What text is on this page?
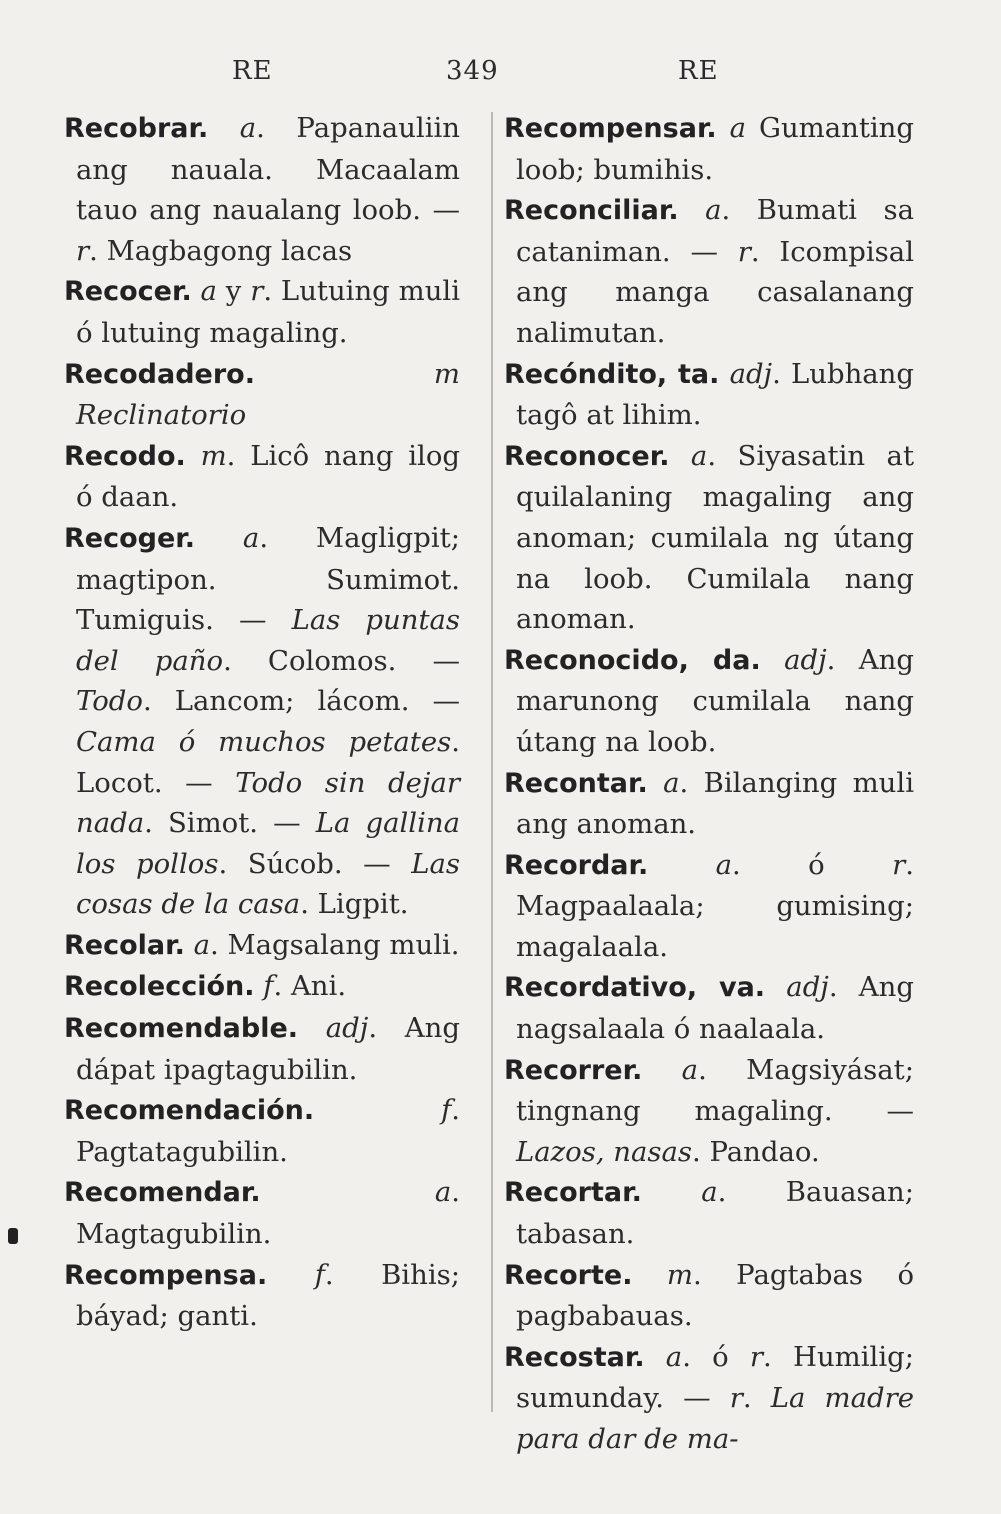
RE	349	RE

Recobrar. a. Papanauliin ang nauala. Macaalam tauo ang naualang loob. — r. Magbagong lacas

Recocer. a y r. Lutuing muli ó lutuing magaling.

Recodadero.	m Reclinatorio

Recodo. m. Licô nang ilog ó daan.

Recoger. a. Magligpit; magtipon. Sumimot. Tumiguis. — Las puntas del paño. Colomos. — Todo. Lancom; lácom. — Cama ó muchos petates. Locot. — Todo sin dejar nada. Simot. — La gallina los pollos. Súcob. — Las cosas de la casa. Ligpit.

Recolar. a. Magsalang muli.

Recolección. f. Ani.

Recomendable. adj. Ang dápat ipagtagubilin.

Recomendación.	f. Pagtatagubilin.

Recomendar.	a. Magtagubilin.

Recompensa. f. Bihis; báyad; ganti.

Recompensar. a Gumanting loob; bumihis.

Reconciliar. a. Bumati sa cataniman. — r. Icompisal ang manga casalanang nalimutan.

Recóndito, ta. adj. Lubhang tagô at lihim.

Reconocer. a. Siyasatin at quilalaning magaling ang anoman; cumilala ng útang na loob. Cumilala nang anoman.

Reconocido, da. adj. Ang marunong cumilala nang útang na loob.

Recontar. a. Bilanging muli ang anoman.

Recordar. a. ó r. Magpaalaala; gumising; magalaala.

Recordativo, va. adj. Ang nagsalaala ó naalaala.

Recorrer. a. Magsiyásat; tingnang magaling. — Lazos, nasas. Pandao.

Recortar. a. Bauasan; tabasan.

Recorte. m. Pagtabas ó pagbabauas.

Recostar. a. ó r. Humilig; sumunday. — r. La madre para dar de ma-
